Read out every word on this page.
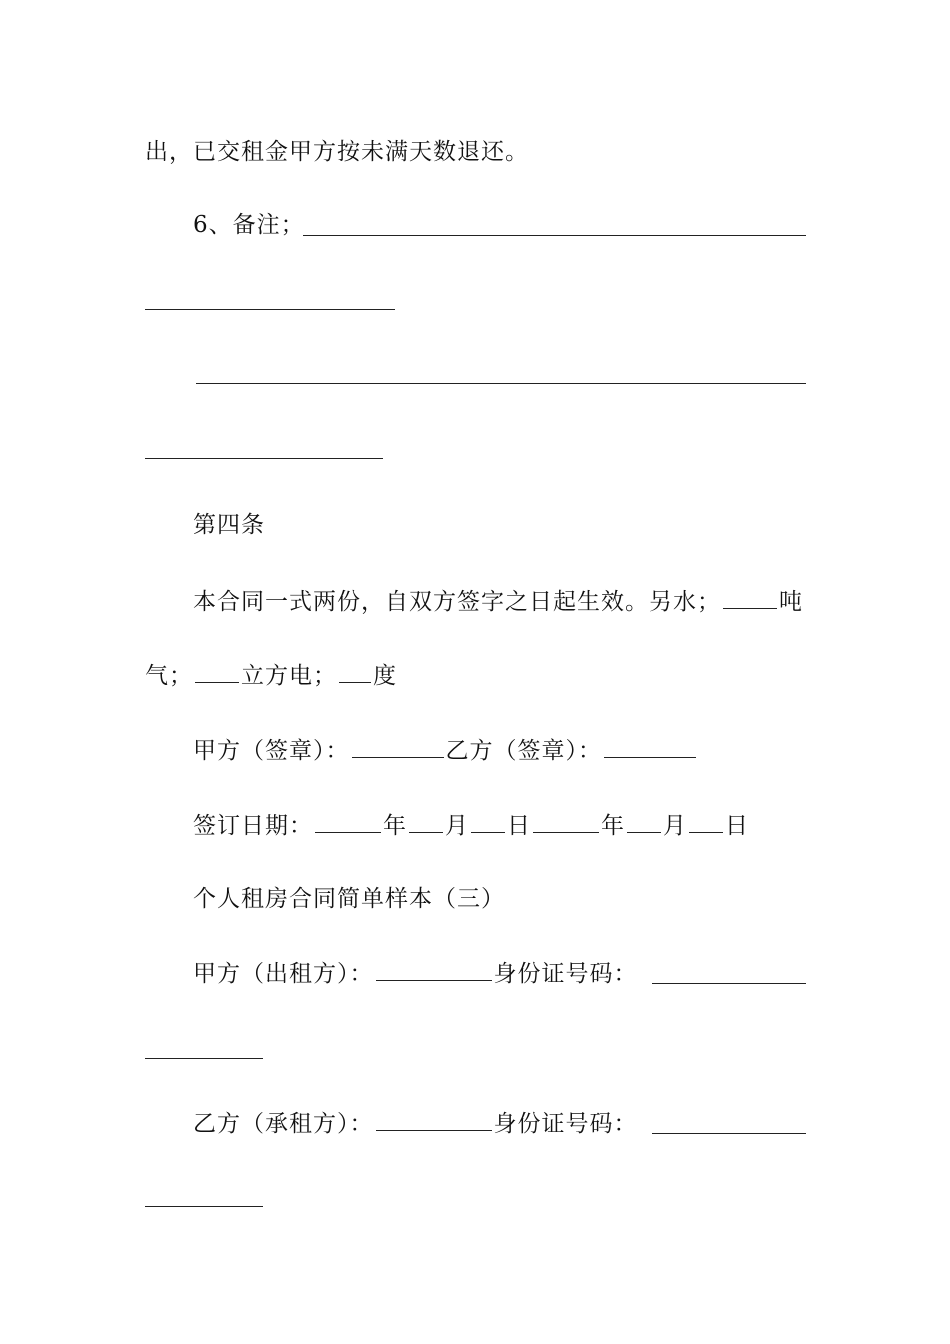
出，已交租金甲方按未满天数退还。
6、备注；
第四条
本合同一式两份，自双方签字之日起生效。另水；	吨
气； 立方电； 度
甲方（签章）：	乙方（签章）：
签订日期：	年 月 日	年 月 日
个人租房合同简单样本（三）
甲方（出租方）：	身份证号码：
乙方（承租方）：	身份证号码：
